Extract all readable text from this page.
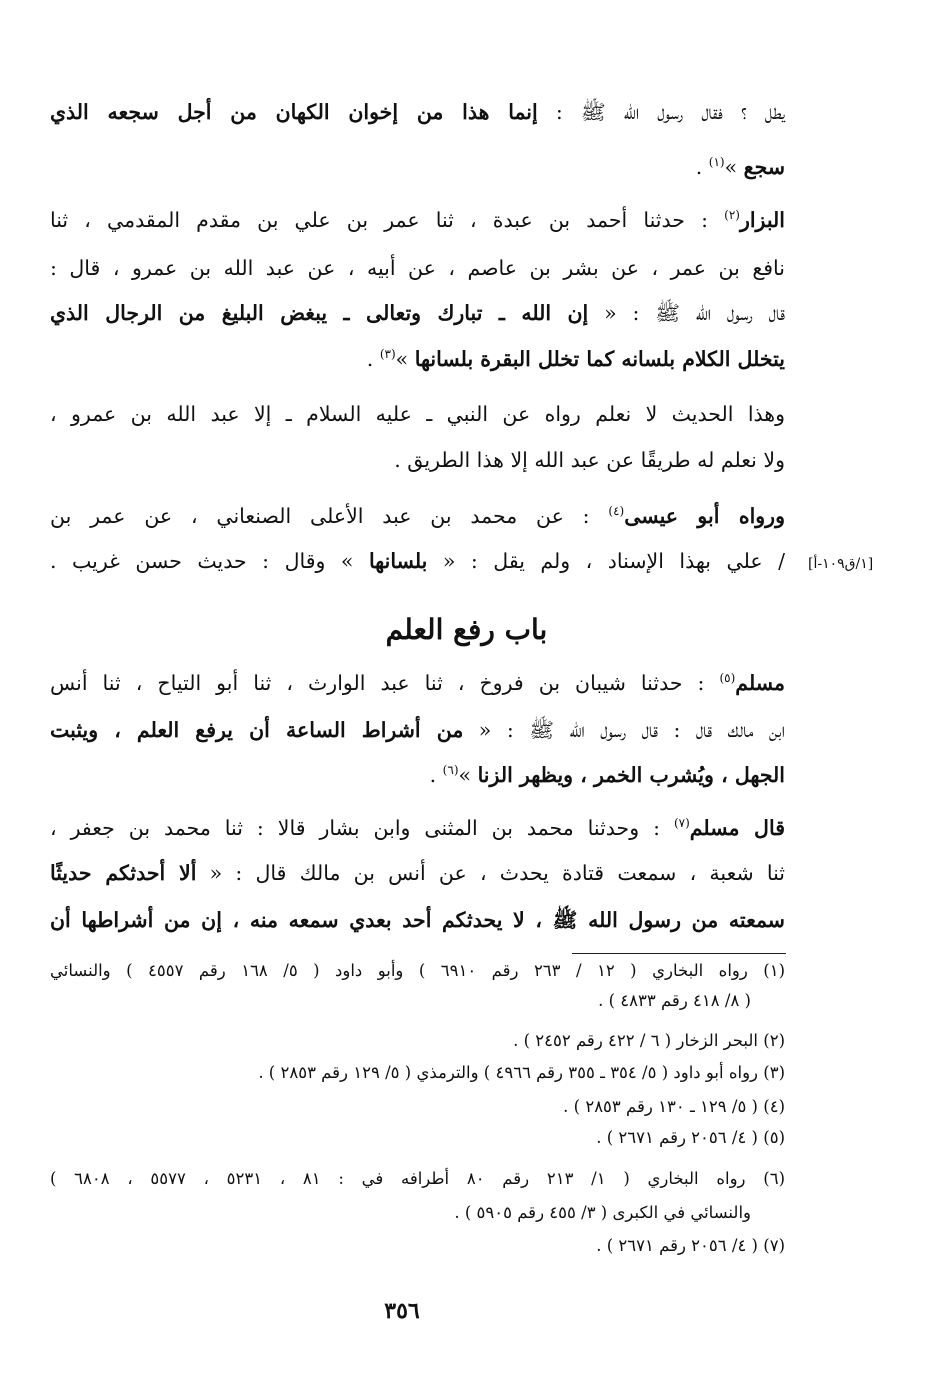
يطل ؟ فقال رسول الله ﷺ : إنما هذا من إخوان الكهان من أجل سجعه الذي
سجع »$^{(١)}$ .
البزار$^{(٢)}$ : حدثنا أحمد بن عبدة ، ثنا عمر بن علي بن مقدم المقدمي ، ثنا
نافع بن عمر ، عن بشر بن عاصم ، عن أبيه ، عن عبد الله بن عمرو ، قال :
قال رسول الله ﷺ : « إن الله ـ تبارك وتعالى ـ يبغض البليغ من الرجال الذي
يتخلل الكلام بلسانه كما تخلل البقرة بلسانها »$^{(٣)}$ .
وهذا الحديث لا نعلم رواه عن النبي ـ عليه السلام ـ إلا عبد الله بن عمرو ،
ولا نعلم له طريقًا عن عبد الله إلا هذا الطريق .
ورواه أبو عيسى$^{(٤)}$ : عن محمد بن عبد الأعلى الصنعاني ، عن عمر بن
/ علي بهذا الإسناد ، ولم يقل : « بلسانها » وقال : حديث حسن غريب .
مسلم$^{(٥)}$ : حدثنا شيبان بن فروخ ، ثنا عبد الوارث ، ثنا أبو التياح ، ثنا أنس
ابن مالك قال : قال رسول الله ﷺ : « من أشراط الساعة أن يرفع العلم ، ويثبت
الجهل ، ويُشرب الخمر ، ويظهر الزنا »$^{(٦)}$ .
قال مسلم$^{(٧)}$ : وحدثنا محمد بن المثنى وابن بشار قالا : ثنا محمد بن جعفر ،
ثنا شعبة ، سمعت قتادة يحدث ، عن أنس بن مالك قال : « ألا أحدثكم حديثًا
سمعته من رسول الله ﷺ ، لا يحدثكم أحد بعدي سمعه منه ، إن من أشراطها أن
باب رفع العلم
[١/ق١٠٩-أ]
(١) رواه البخاري ( ١٢ / ٢٦٣ رقم ٦٩١٠ ) وأبو داود ( ٥/ ١٦٨ رقم ٤٥٥٧ ) والنسائي
( ٨/ ٤١٨ رقم ٤٨٣٣ ) .
(٢) البحر الزخار ( ٦ / ٤٢٢ رقم ٢٤٥٢ ) .
(٣) رواه أبو داود ( ٥/ ٣٥٤ ـ ٣٥٥ رقم ٤٩٦٦ ) والترمذي ( ٥/ ١٢٩ رقم ٢٨٥٣ ) .
(٤) ( ٥/ ١٢٩ ـ ١٣٠ رقم ٢٨٥٣ ) .
(٥) ( ٤/ ٢٠٥٦ رقم ٢٦٧١ ) .
(٦) رواه البخاري ( ١/ ٢١٣ رقم ٨٠ أطرافه في : ٨١ ، ٥٢٣١ ، ٥٥٧٧ ، ٦٨٠٨ )
والنسائي في الكبرى ( ٣/ ٤٥٥ رقم ٥٩٠٥ ) .
(٧) ( ٤/ ٢٠٥٦ رقم ٢٦٧١ ) .
٣٥٦
